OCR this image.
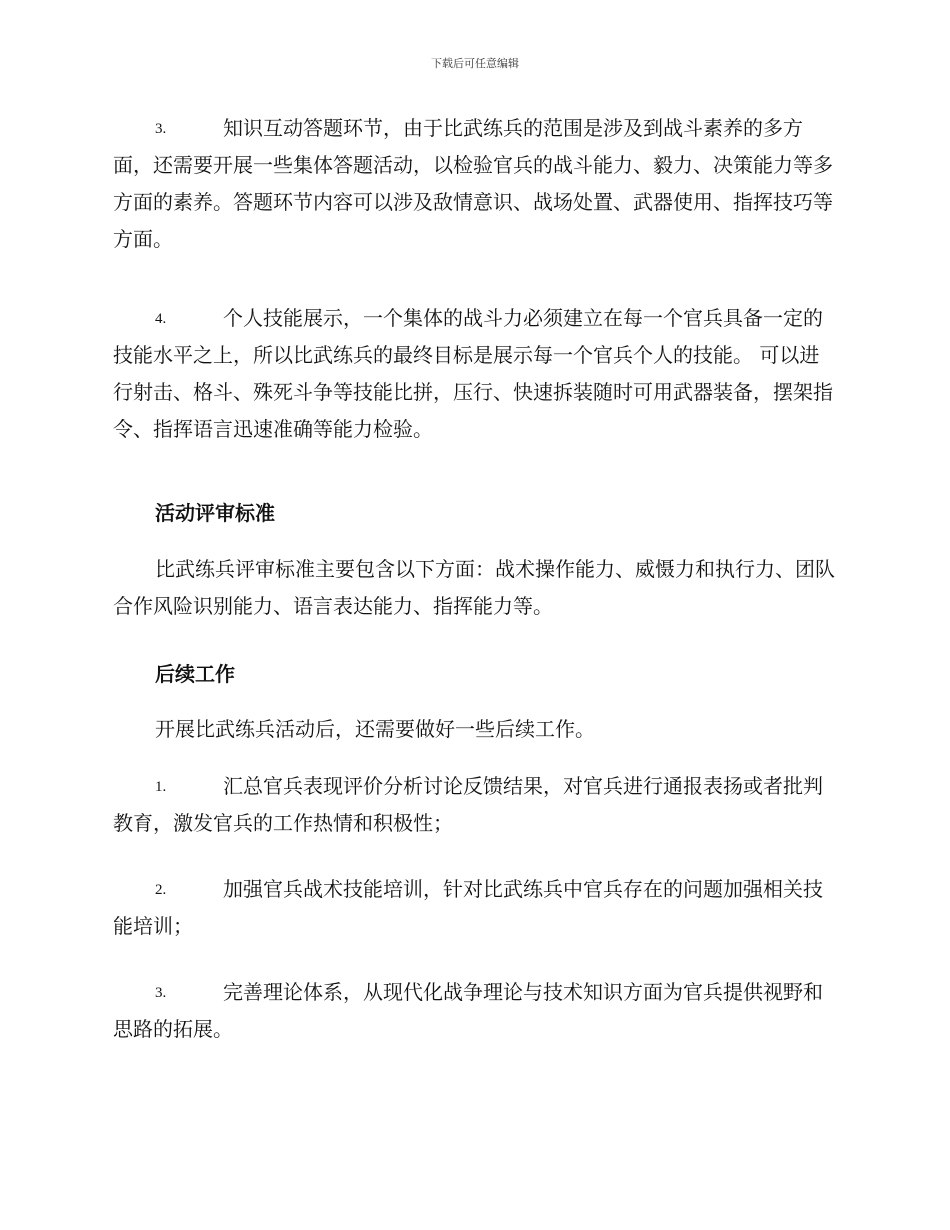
下载后可任意编辑

3.	知识互动答题环节，由于比武练兵的范围是涉及到战斗素养的多方面，还需要开展一些集体答题活动，以检验官兵的战斗能力、毅力、决策能力等多方面的素养。答题环节内容可以涉及敌情意识、战场处置、武器使用、指挥技巧等方面。

4.	个人技能展示，一个集体的战斗力必须建立在每一个官兵具备一定的技能水平之上，所以比武练兵的最终目标是展示每一个官兵个人的技能。 可以进行射击、格斗、殊死斗争等技能比拼，压行、快速拆装随时可用武器装备，摆架指令、指挥语言迅速准确等能力检验。

活动评审标准

比武练兵评审标准主要包含以下方面：战术操作能力、威慑力和执行力、团队合作风险识别能力、语言表达能力、指挥能力等。

后续工作

开展比武练兵活动后，还需要做好一些后续工作。

1.	汇总官兵表现评价分析讨论反馈结果，对官兵进行通报表扬或者批判教育，激发官兵的工作热情和积极性；

2.	加强官兵战术技能培训，针对比武练兵中官兵存在的问题加强相关技能培训；

3.	完善理论体系，从现代化战争理论与技术知识方面为官兵提供视野和思路的拓展。
